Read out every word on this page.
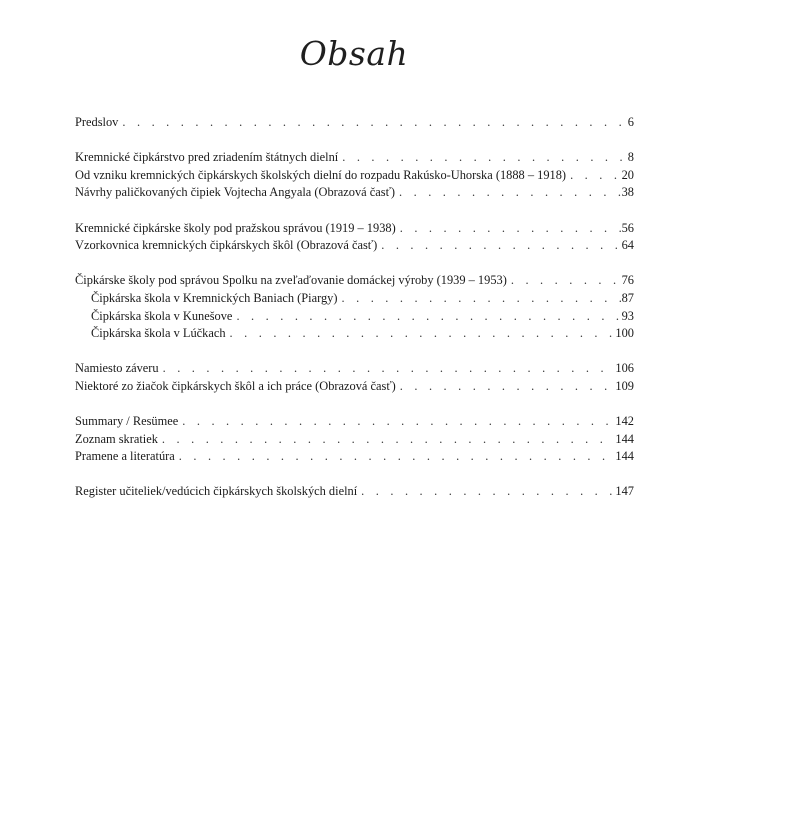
Obsah
Predslov . . .	6
Kremnické čipkárstvo pred zriadením štátnych dielní . . .	8
Od vzniku kremnických čipkárskych školských dielní do rozpadu Rakúsko-Uhorska (1888 – 1918) . . .	20
Návrhy paličkovaných čipiek Vojtecha Angyala (Obrazová časť) . . .	38
Kremnické čipkárske školy pod pražskou správou (1919 – 1938) . . .	56
Vzorkovnica kremnických čipkárskych škôl (Obrazová časť) . . .	64
Čipkárske školy pod správou Spolku na zveľaďovanie domáckej výroby (1939 – 1953) . . .	76
Čipkárska škola v Kremnických Baniach (Piargy) . . .	87
Čipkárska škola v Kunešove . . .	93
Čipkárska škola v Lúčkach . . .	100
Namiesto záveru . . .	106
Niektoré zo žiačok čipkárskych škôl a ich práce (Obrazová časť) . . .	109
Summary / Resümee . . .	142
Zoznam skratiek . . .	144
Pramene a literatúra . . .	144
Register učiteliek/vedúcich čipkárskych školských dielní . . .	147
